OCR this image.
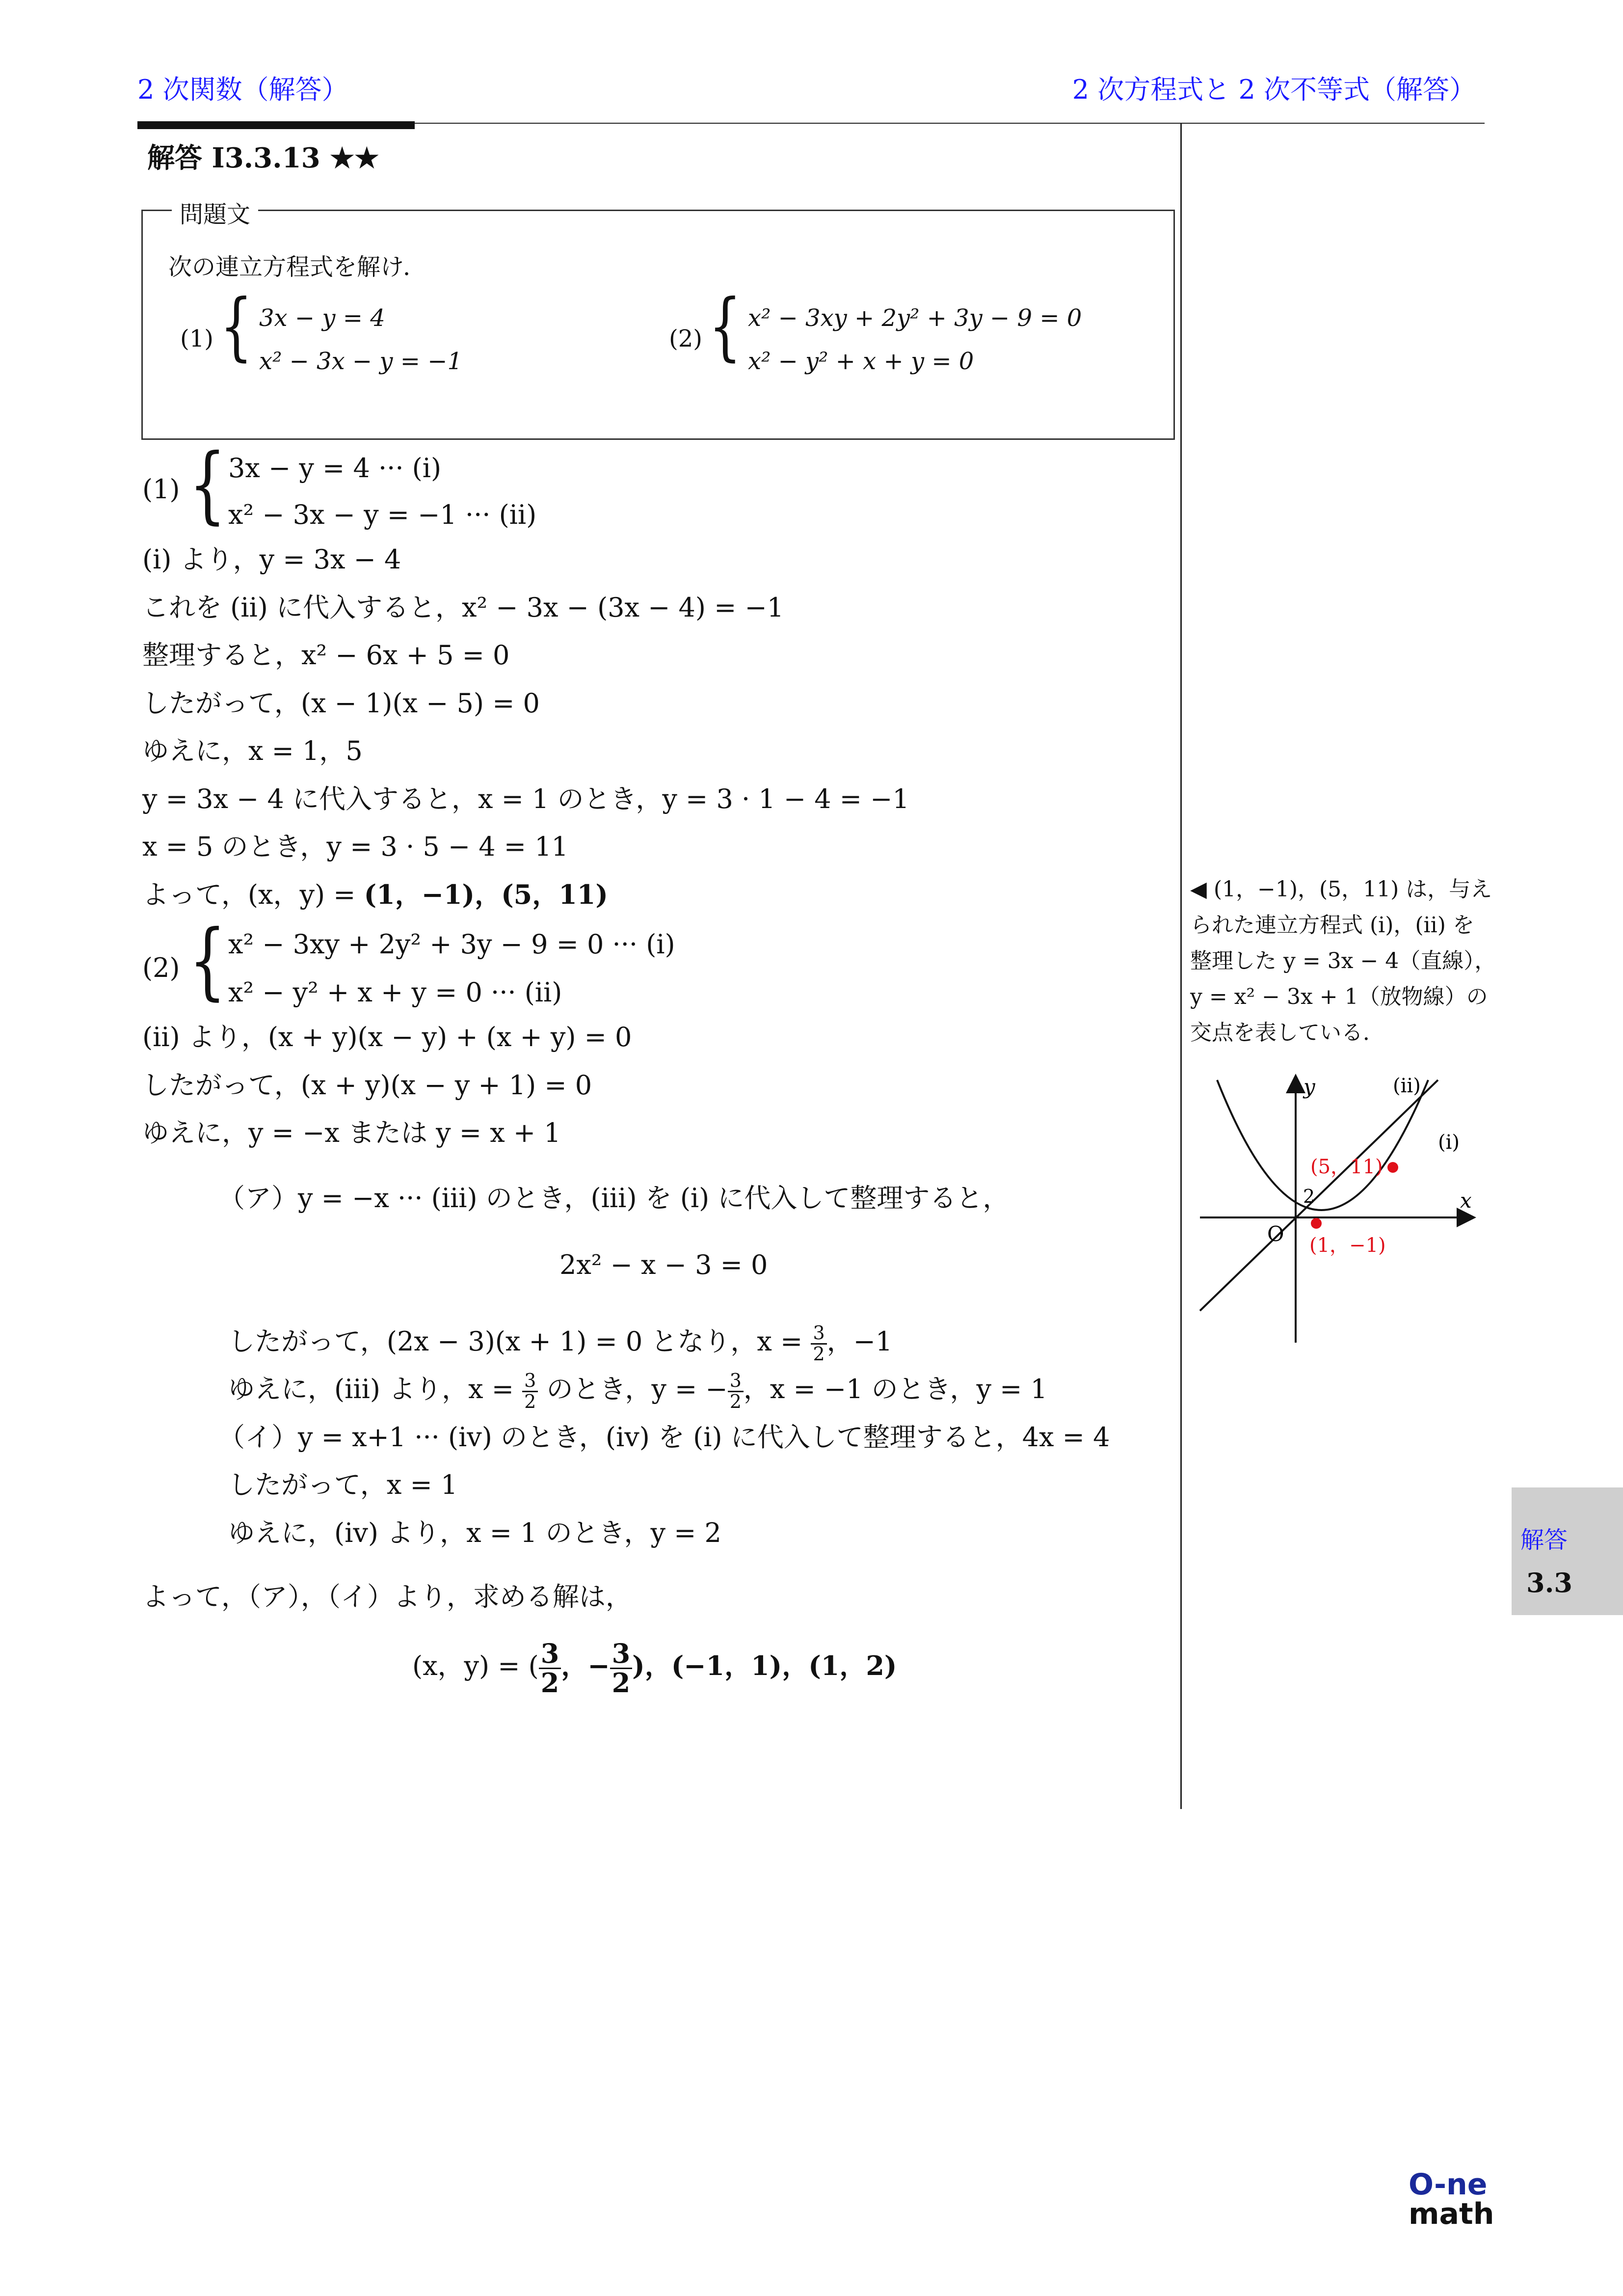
2 次関数（解答）	2 次方程式と 2 次不等式（解答）
解答 I3.3.13 ★★
問題文
次の連立方程式を解け．
(1) { 3x − y = 4
x² − 3x − y = −1
(2) { x² − 3xy + 2y² + 3y − 9 = 0
x² − y² + x + y = 0
(1) { 3x − y = 4 ··· (i)
x² − 3x − y = −1 ··· (ii)
(i) より，y = 3x − 4
これを (ii) に代入すると，x² − 3x − (3x − 4) = −1
整理すると，x² − 6x + 5 = 0
したがって，(x − 1)(x − 5) = 0
ゆえに，x = 1，5
y = 3x − 4 に代入すると，x = 1 のとき，y = 3 · 1 − 4 = −1
x = 5 のとき，y = 3 · 5 − 4 = 11
よって，(x，y) = (1，−1)，(5，11)
(2) { x² − 3xy + 2y² + 3y − 9 = 0 ··· (i)
x² − y² + x + y = 0 ··· (ii)
(ii) より，(x + y)(x − y) + (x + y) = 0
したがって，(x + y)(x − y + 1) = 0
ゆえに，y = −x または y = x + 1
（ア）y = −x ··· (iii) のとき，(iii) を (i) に代入して整理すると，
2x² − x − 3 = 0
したがって，(2x − 3)(x + 1) = 0 となり，$x = \frac{3}{2}$ ，−1
ゆえに，(iii) より，$x = \frac{3}{2}$ のとき，y = − $\frac{3}{2}$ ，x = −1 のとき，y = 1
（イ）y = x+1 ··· (iv) のとき，(iv) を (i) に代入して整理すると，4x = 4
したがって，x = 1
ゆえに，(iv) より，x = 1 のとき，y = 2
よって，（ア），（イ）より，求める解は，
(x，y) = ( $\frac{3}{2}$ ，− $\frac{3}{2}$ )，(−1，1)，(1，2)
◀ (1，−1)，(5，11) は，与え
られた連立方程式 (i)，(ii) を
整理した y = 3x − 4（直線），
y = x² − 3x + 1（放物線）の
交点を表している．
y
x
O
2
(ii)
(i)
(5，11)
(1，−1)
解答
3.3
O-ne
math
